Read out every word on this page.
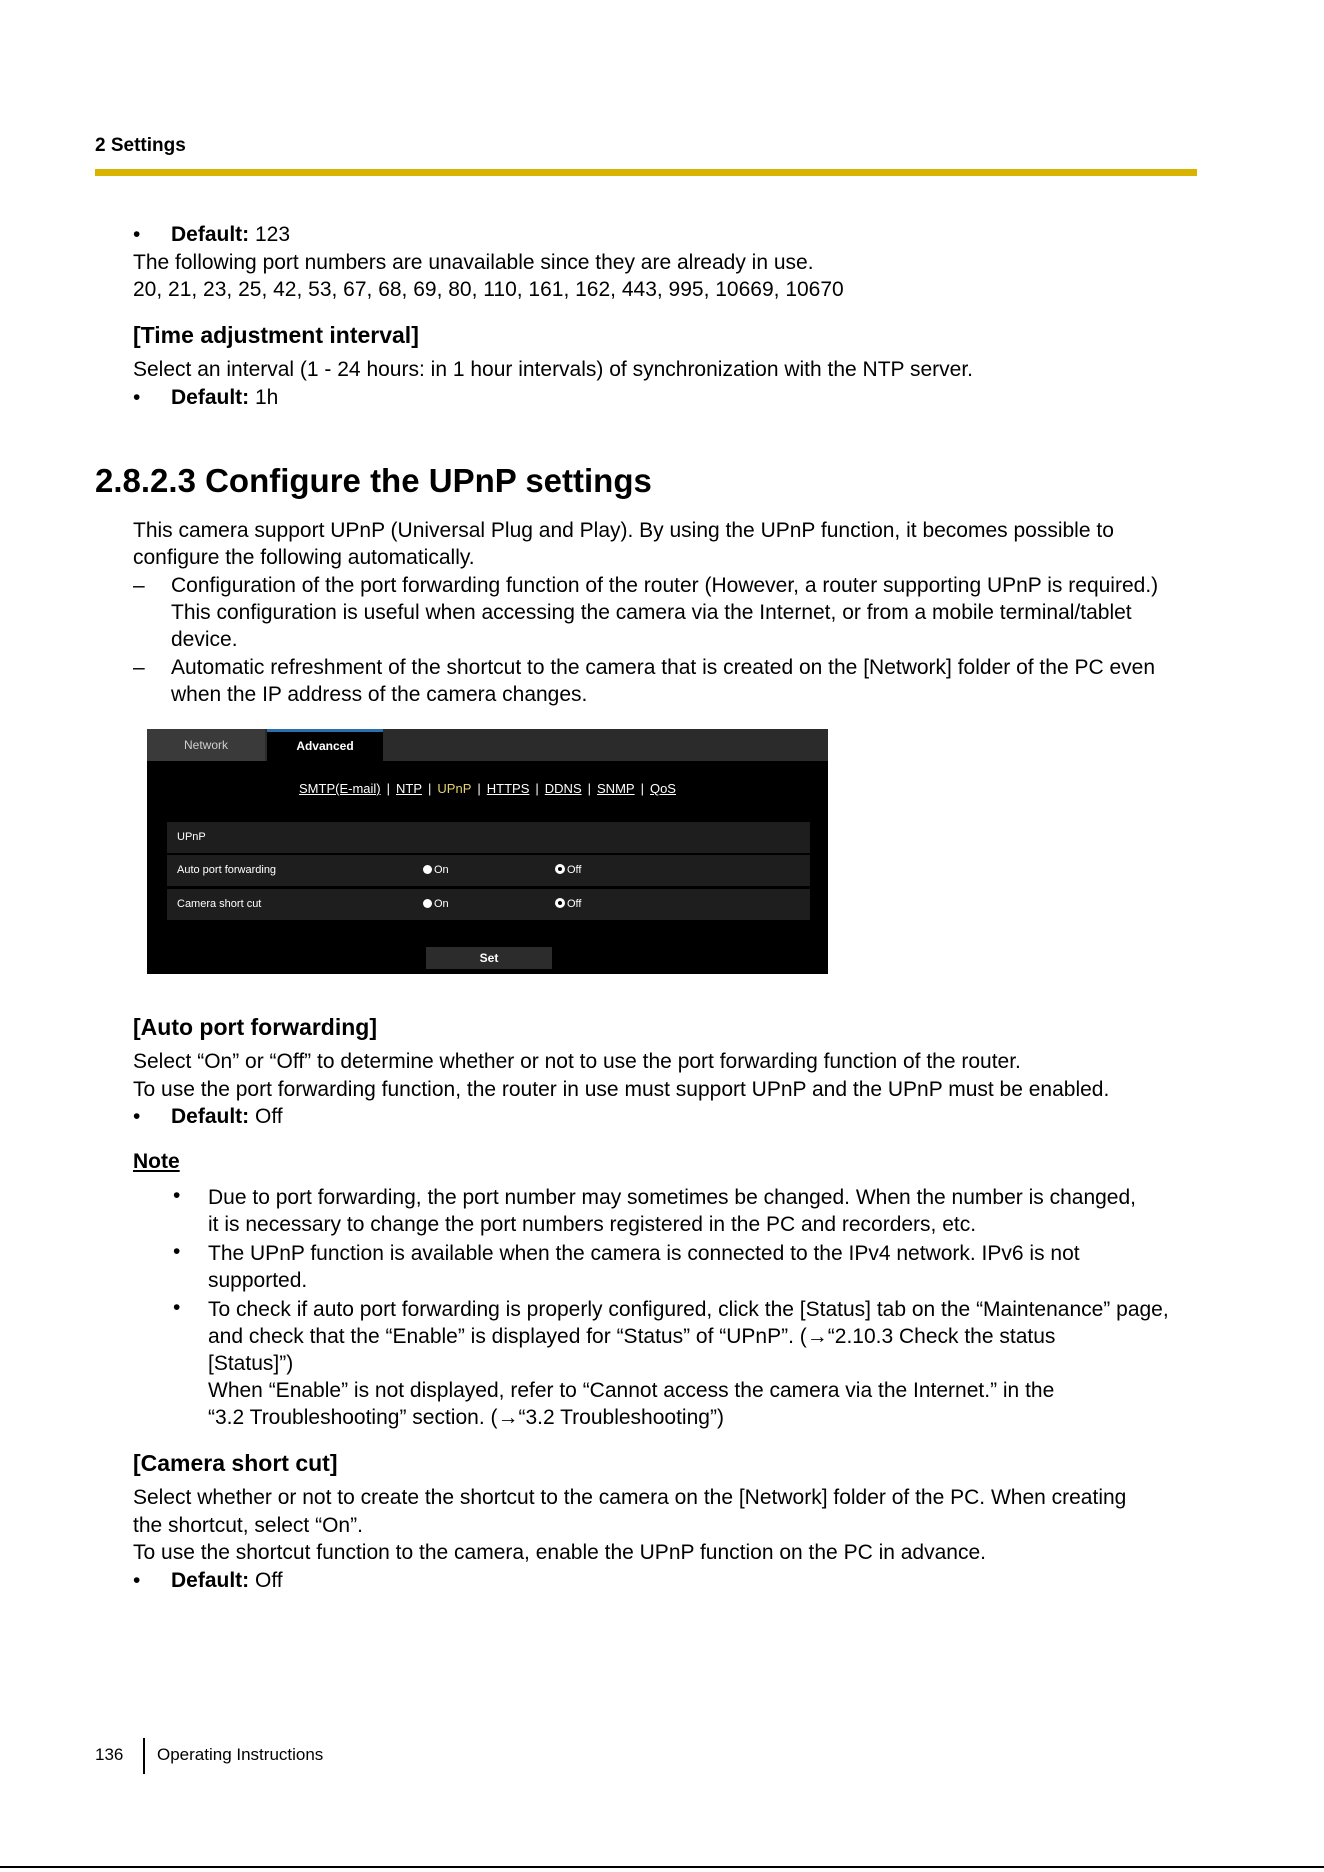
2 Settings
•	Default: 123
The following port numbers are unavailable since they are already in use.
20, 21, 23, 25, 42, 53, 67, 68, 69, 80, 110, 161, 162, 443, 995, 10669, 10670
[Time adjustment interval]
Select an interval (1 - 24 hours: in 1 hour intervals) of synchronization with the NTP server.
•	Default: 1h
2.8.2.3 Configure the UPnP settings
This camera support UPnP (Universal Plug and Play). By using the UPnP function, it becomes possible to
configure the following automatically.
–	Configuration of the port forwarding function of the router (However, a router supporting UPnP is required.)
This configuration is useful when accessing the camera via the Internet, or from a mobile terminal/tablet
device.
–	Automatic refreshment of the shortcut to the camera that is created on the [Network] folder of the PC even
when the IP address of the camera changes.
Network	Advanced
SMTP(E-mail) | NTP | UPnP | HTTPS | DDNS | SNMP | QoS
UPnP
Auto port forwarding	On	Off
Camera short cut	On	Off
Set
[Auto port forwarding]
Select “On” or “Off” to determine whether or not to use the port forwarding function of the router.
To use the port forwarding function, the router in use must support UPnP and the UPnP must be enabled.
•	Default: Off
Note
•	Due to port forwarding, the port number may sometimes be changed. When the number is changed,
it is necessary to change the port numbers registered in the PC and recorders, etc.
•	The UPnP function is available when the camera is connected to the IPv4 network. IPv6 is not
supported.
•	To check if auto port forwarding is properly configured, click the [Status] tab on the “Maintenance” page,
and check that the “Enable” is displayed for “Status” of “UPnP”. (→“2.10.3 Check the status
[Status]”)
When “Enable” is not displayed, refer to “Cannot access the camera via the Internet.” in the
“3.2 Troubleshooting” section. (→“3.2 Troubleshooting”)
[Camera short cut]
Select whether or not to create the shortcut to the camera on the [Network] folder of the PC. When creating
the shortcut, select “On”.
To use the shortcut function to the camera, enable the UPnP function on the PC in advance.
•	Default: Off
136 Operating Instructions
